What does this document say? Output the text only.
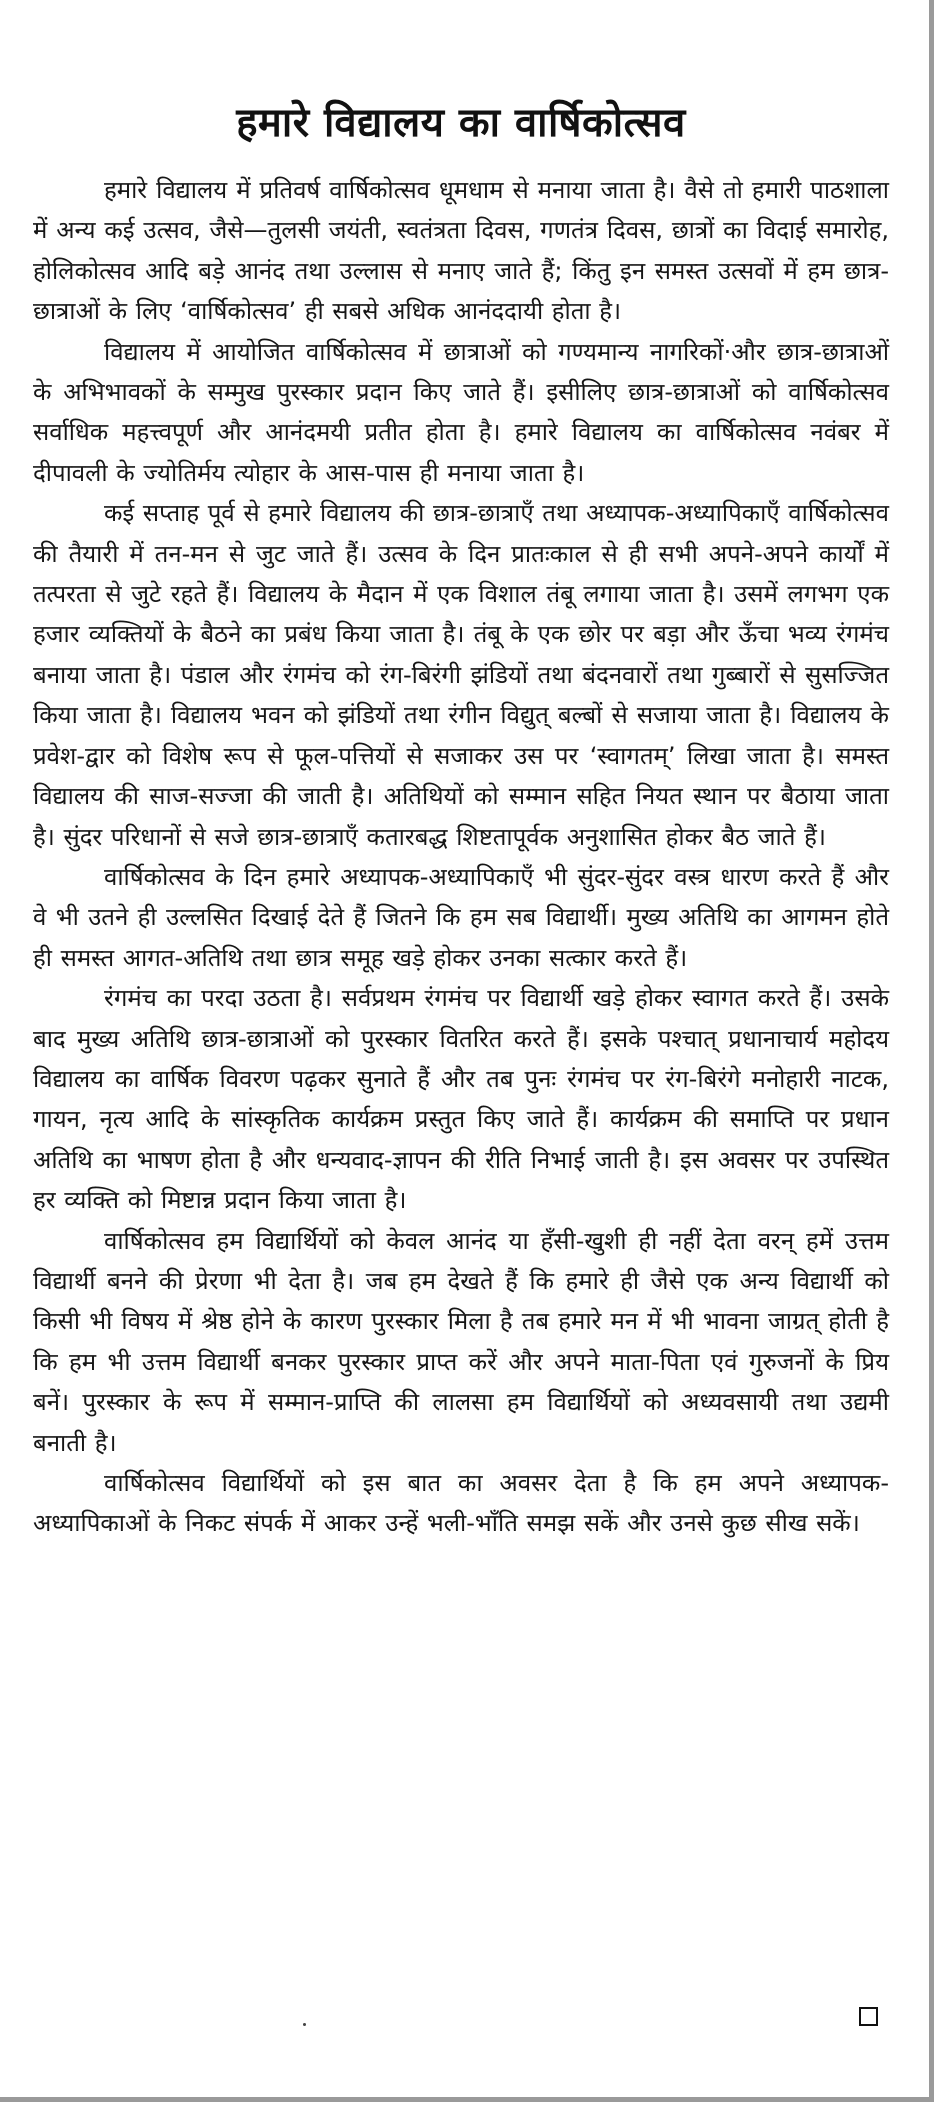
हमारे विद्यालय का वार्षिकोत्सव

हमारे विद्यालय में प्रतिवर्ष वार्षिकोत्सव धूमधाम से मनाया जाता है। वैसे तो हमारी पाठशाला में अन्य कई उत्सव, जैसे—तुलसी जयंती, स्वतंत्रता दिवस, गणतंत्र दिवस, छात्रों का विदाई समारोह, होलिकोत्सव आदि बड़े आनंद तथा उल्लास से मनाए जाते हैं; किंतु इन समस्त उत्सवों में हम छात्र-छात्राओं के लिए ‘वार्षिकोत्सव’ ही सबसे अधिक आनंददायी होता है।

विद्यालय में आयोजित वार्षिकोत्सव में छात्राओं को गण्यमान्य नागरिकों·और छात्र-छात्राओं के अभिभावकों के सम्मुख पुरस्कार प्रदान किए जाते हैं। इसीलिए छात्र-छात्राओं को वार्षिकोत्सव सर्वाधिक महत्त्वपूर्ण और आनंदमयी प्रतीत होता है। हमारे विद्यालय का वार्षिकोत्सव नवंबर में दीपावली के ज्योतिर्मय त्योहार के आस-पास ही मनाया जाता है।

कई सप्ताह पूर्व से हमारे विद्यालय की छात्र-छात्राएँ तथा अध्यापक-अध्यापिकाएँ वार्षिकोत्सव की तैयारी में तन-मन से जुट जाते हैं। उत्सव के दिन प्रातःकाल से ही सभी अपने-अपने कार्यों में तत्परता से जुटे रहते हैं। विद्यालय के मैदान में एक विशाल तंबू लगाया जाता है। उसमें लगभग एक हजार व्यक्तियों के बैठने का प्रबंध किया जाता है। तंबू के एक छोर पर बड़ा और ऊँचा भव्य रंगमंच बनाया जाता है। पंडाल और रंगमंच को रंग-बिरंगी झंडियों तथा बंदनवारों तथा गुब्बारों से सुसज्जित किया जाता है। विद्यालय भवन को झंडियों तथा रंगीन विद्युत् बल्बों से सजाया जाता है। विद्यालय के प्रवेश-द्वार को विशेष रूप से फूल-पत्तियों से सजाकर उस पर ‘स्वागतम्’ लिखा जाता है। समस्त विद्यालय की साज-सज्जा की जाती है। अतिथियों को सम्मान सहित नियत स्थान पर बैठाया जाता है। सुंदर परिधानों से सजे छात्र-छात्राएँ कतारबद्ध शिष्टतापूर्वक अनुशासित होकर बैठ जाते हैं।

वार्षिकोत्सव के दिन हमारे अध्यापक-अध्यापिकाएँ भी सुंदर-सुंदर वस्त्र धारण करते हैं और वे भी उतने ही उल्लसित दिखाई देते हैं जितने कि हम सब विद्यार्थी। मुख्य अतिथि का आगमन होते ही समस्त आगत-अतिथि तथा छात्र समूह खड़े होकर उनका सत्कार करते हैं।

रंगमंच का परदा उठता है। सर्वप्रथम रंगमंच पर विद्यार्थी खड़े होकर स्वागत करते हैं। उसके बाद मुख्य अतिथि छात्र-छात्राओं को पुरस्कार वितरित करते हैं। इसके पश्चात् प्रधानाचार्य महोदय विद्यालय का वार्षिक विवरण पढ़कर सुनाते हैं और तब पुनः रंगमंच पर रंग-बिरंगे मनोहारी नाटक, गायन, नृत्य आदि के सांस्कृतिक कार्यक्रम प्रस्तुत किए जाते हैं। कार्यक्रम की समाप्ति पर प्रधान अतिथि का भाषण होता है और धन्यवाद-ज्ञापन की रीति निभाई जाती है। इस अवसर पर उपस्थित हर व्यक्ति को मिष्टान्न प्रदान किया जाता है।

वार्षिकोत्सव हम विद्यार्थियों को केवल आनंद या हँसी-खुशी ही नहीं देता वरन् हमें उत्तम विद्यार्थी बनने की प्रेरणा भी देता है। जब हम देखते हैं कि हमारे ही जैसे एक अन्य विद्यार्थी को किसी भी विषय में श्रेष्ठ होने के कारण पुरस्कार मिला है तब हमारे मन में भी भावना जाग्रत् होती है कि हम भी उत्तम विद्यार्थी बनकर पुरस्कार प्राप्त करें और अपने माता-पिता एवं गुरुजनों के प्रिय बनें। पुरस्कार के रूप में सम्मान-प्राप्ति की लालसा हम विद्यार्थियों को अध्यवसायी तथा उद्यमी बनाती है।

वार्षिकोत्सव विद्यार्थियों को इस बात का अवसर देता है कि हम अपने अध्यापक-अध्यापिकाओं के निकट संपर्क में आकर उन्हें भली-भाँति समझ सकें और उनसे कुछ सीख सकें।
